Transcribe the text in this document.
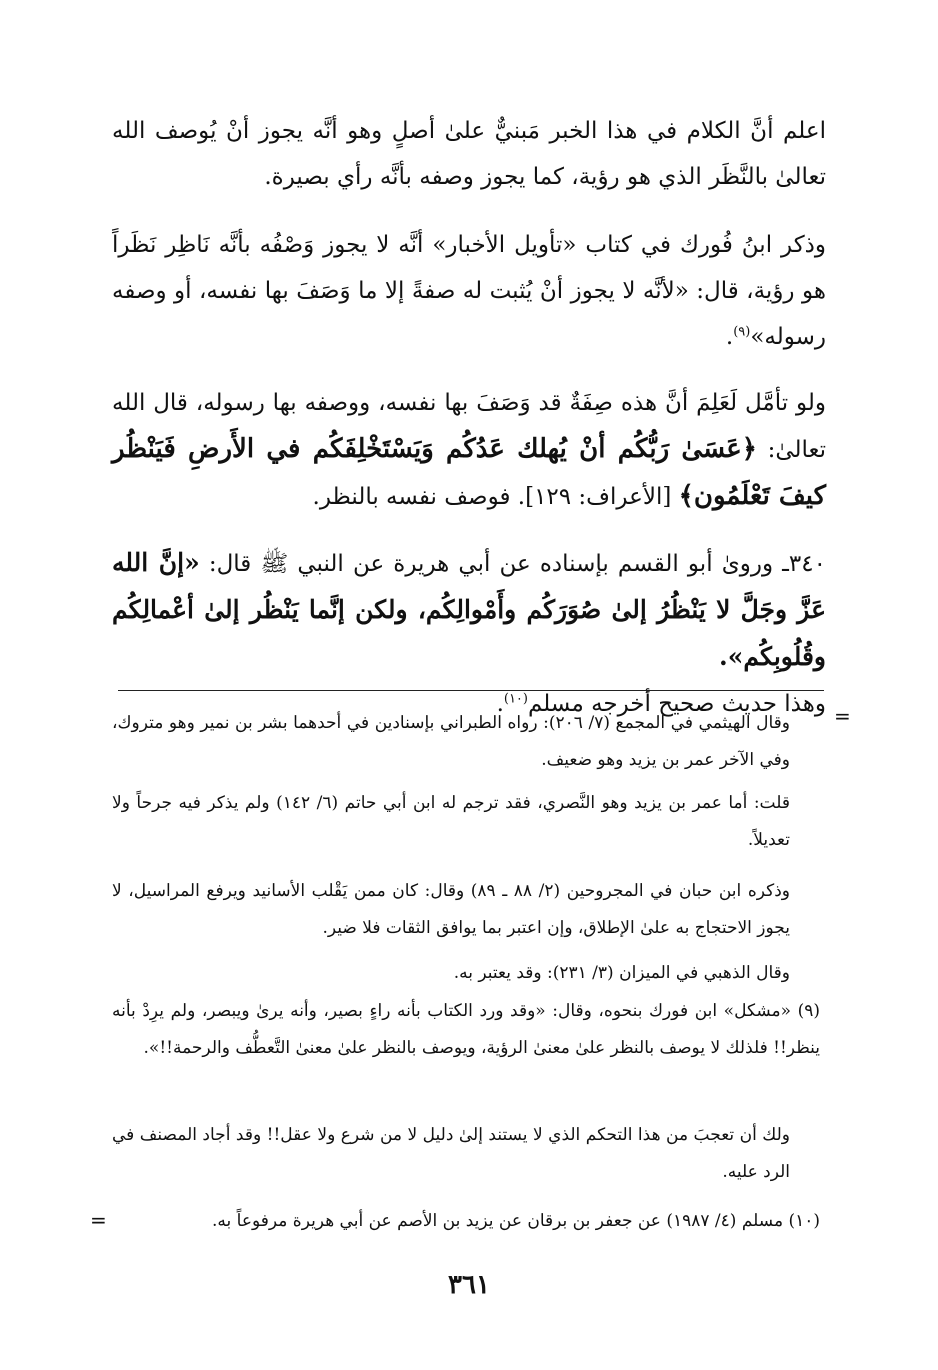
اعلم أنَّ الكلام في هذا الخبر مَبنيٌّ علىٰ أصلٍ وهو أنَّه يجوز أنْ يُوصف الله تعالىٰ بالنَّظَر الذي هو رؤية، كما يجوز وصفه بأنَّه رأي بصيرة.

وذكر ابنُ فُورك في كتاب «تأويل الأخبار» أنَّه لا يجوز وَصْفُه بأنَّه نَاظِر نَظَراً هو رؤية، قال: «لأنَّه لا يجوز أنْ يُثبت له صفةً إلا ما وَصَفَ بها نفسه، أو وصفه رسوله»$^{(٩)}$.

ولو تأمَّل لَعَلِمَ أنَّ هذه صِفَةٌ قد وَصَفَ بها نفسه، ووصفه بها رسوله، قال الله تعالىٰ: ﴿عَسَىٰ رَبُّكُم أنْ يُهلك عَدُكُم وَيَسْتَخْلِفَكُم في الأَرضِ فَيَنْظُر كيفَ تَعْلَمُون﴾ [الأعراف: ١٢٩]. فوصف نفسه بالنظر.

٣٤٠ـ وروىٰ أبو القسم بإسناده عن أبي هريرة عن النبي ﷺ قال: «إنَّ الله عَزَّ وجَلَّ لا يَنْظُرُ إلىٰ صُوَرَكُم وأَمْوالِكُم، ولكن إنَّما يَنْظُر إلىٰ أعْمالِكُم وقُلُوبِكُم».
وهذا حديث صحيح أخرجه مسلم$^{(١٠)}$.	=

وقال الهيثمي في المجمع (٧/ ٢٠٦): رواه الطبراني بإسنادين في أحدهما بشر بن نمير وهو متروك، وفي الآخر عمر بن يزيد وهو ضعيف.

قلت: أما عمر بن يزيد وهو النَّصري، فقد ترجم له ابن أبي حاتم (٦/ ١٤٢) ولم يذكر فيه جرحاً ولا تعديلاً.

وذكره ابن حبان في المجروحين (٢/ ٨٨ ـ ٨٩) وقال: كان ممن يَقْلب الأسانيد ويرفع المراسيل، لا يجوز الاحتجاج به علىٰ الإطلاق، وإن اعتبر بما يوافق الثقات فلا ضير.

وقال الذهبي في الميزان (٣/ ٢٣١): وقد يعتبر به.

(٩) «مشكل» ابن فورك بنحوه، وقال: «وقد ورد الكتاب بأنه راءٍ بصير، وأنه يرىٰ ويبصر، ولم يرِدْ بأنه ينظر!! فلذلك لا يوصف بالنظر علىٰ معنىٰ الرؤية، ويوصف بالنظر علىٰ معنىٰ التَّعطُّف والرحمة!!».

ولك أن تعجبَ من هذا التحكم الذي لا يستند إلىٰ دليل لا من شرع ولا عقل!! وقد أجاد المصنف في الرد عليه.

(١٠) مسلم (٤/ ١٩٨٧) عن جعفر بن برقان عن يزيد بن الأصم عن أبي هريرة مرفوعاً به.

=
٣٦١
